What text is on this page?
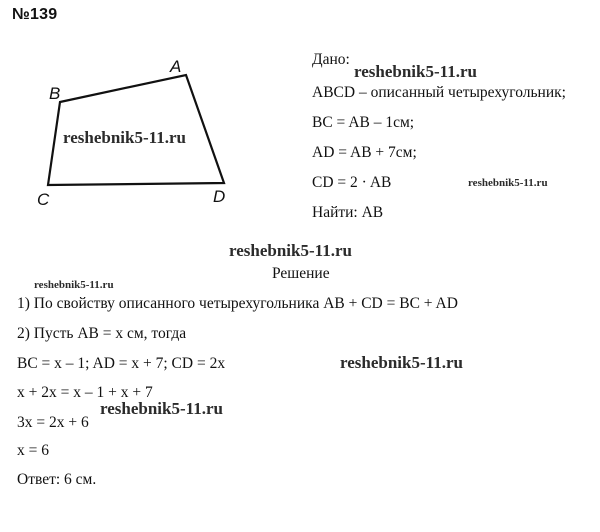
№139
B
A
C	D
Дано:
ABCD – описанный четырехугольник;
BC = AB – 1см;
AD = AB + 7см;
CD = 2 · AB
Найти: AB
Решение
1) По свойству описанного четырехугольника AB + CD = BC + AD
2) Пусть AB = x см, тогда
BC = x – 1; AD = x + 7; CD = 2x
x + 2x = x – 1 + x + 7
3x = 2x + 6
x = 6
Ответ: 6 см.
reshebnik5-11.ru
reshebnik5-11.ru
reshebnik5-11.ru
reshebnik5-11.ru
reshebnik5-11.ru
reshebnik5-11.ru
reshebnik5-11.ru
